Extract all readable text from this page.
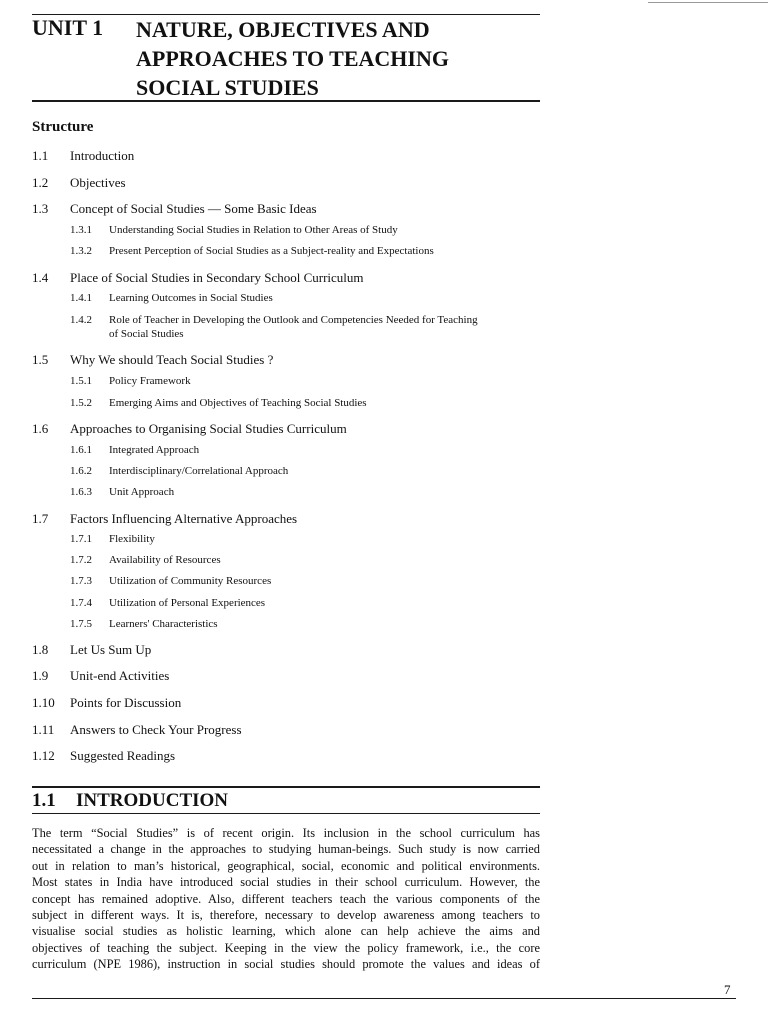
UNIT 1 NATURE, OBJECTIVES AND
APPROACHES TO TEACHING
SOCIAL STUDIES
Structure
1.1 Introduction
1.2 Objectives
1.3 Concept of Social Studies — Some Basic Ideas
1.3.1 Understanding Social Studies in Relation to Other Areas of Study
1.3.2 Present Perception of Social Studies as a Subject-reality and Expectations
1.4 Place of Social Studies in Secondary School Curriculum
1.4.1 Learning Outcomes in Social Studies
1.4.2 Role of Teacher in Developing the Outlook and Competencies Needed for Teaching
of Social Studies
1.5 Why We should Teach Social Studies ?
1.5.1 Policy Framework
1.5.2 Emerging Aims and Objectives of Teaching Social Studies
1.6 Approaches to Organising Social Studies Curriculum
1.6.1 Integrated Approach
1.6.2 Interdisciplinary/Correlational Approach
1.6.3 Unit Approach
1.7 Factors Influencing Alternative Approaches
1.7.1 Flexibility
1.7.2 Availability of Resources
1.7.3 Utilization of Community Resources
1.7.4 Utilization of Personal Experiences
1.7.5 Learners' Characteristics
1.8 Let Us Sum Up
1.9 Unit-end Activities
1.10 Points for Discussion
1.11 Answers to Check Your Progress
1.12 Suggested Readings
1.1 INTRODUCTION
The term “Social Studies” is of recent origin. Its inclusion in the school curriculum has
necessitated a change in the approaches to studying human-beings. Such study is now carried
out in relation to man’s historical, geographical, social, economic and political environments.
Most states in India have introduced social studies in their school curriculum. However, the
concept has remained adoptive. Also, different teachers teach the various components of the
subject in different ways. It is, therefore, necessary to develop awareness among teachers to
visualise social studies as holistic learning, which alone can help achieve the aims and
objectives of teaching the subject. Keeping in the view the policy framework, i.e., the core
curriculum (NPE 1986), instruction in social studies should promote the values and ideas of
7
